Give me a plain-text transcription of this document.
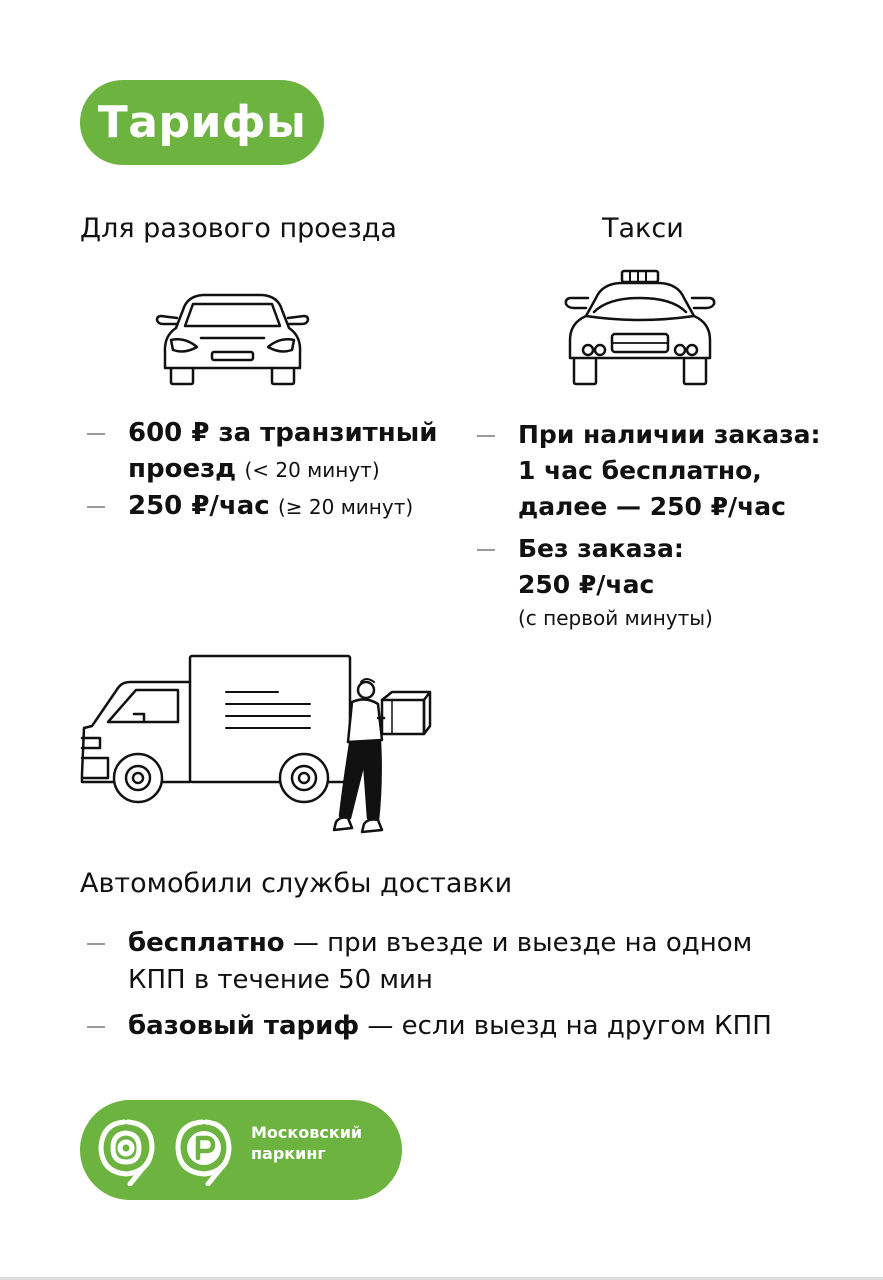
Тарифы
Для разового проезда
600 ₽ за транзитный
проезд (< 20 минут)
250 ₽/час (≥ 20 минут)
Такси
При наличии заказа:
1 час бесплатно,
далее — 250 ₽/час
Без заказа:
250 ₽/час
(с первой минуты)
Автомобили службы доставки
бесплатно — при въезде и выезде на одном
КПП в течение 50 мин
базовый тариф — если выезд на другом КПП
Московский
паркинг
